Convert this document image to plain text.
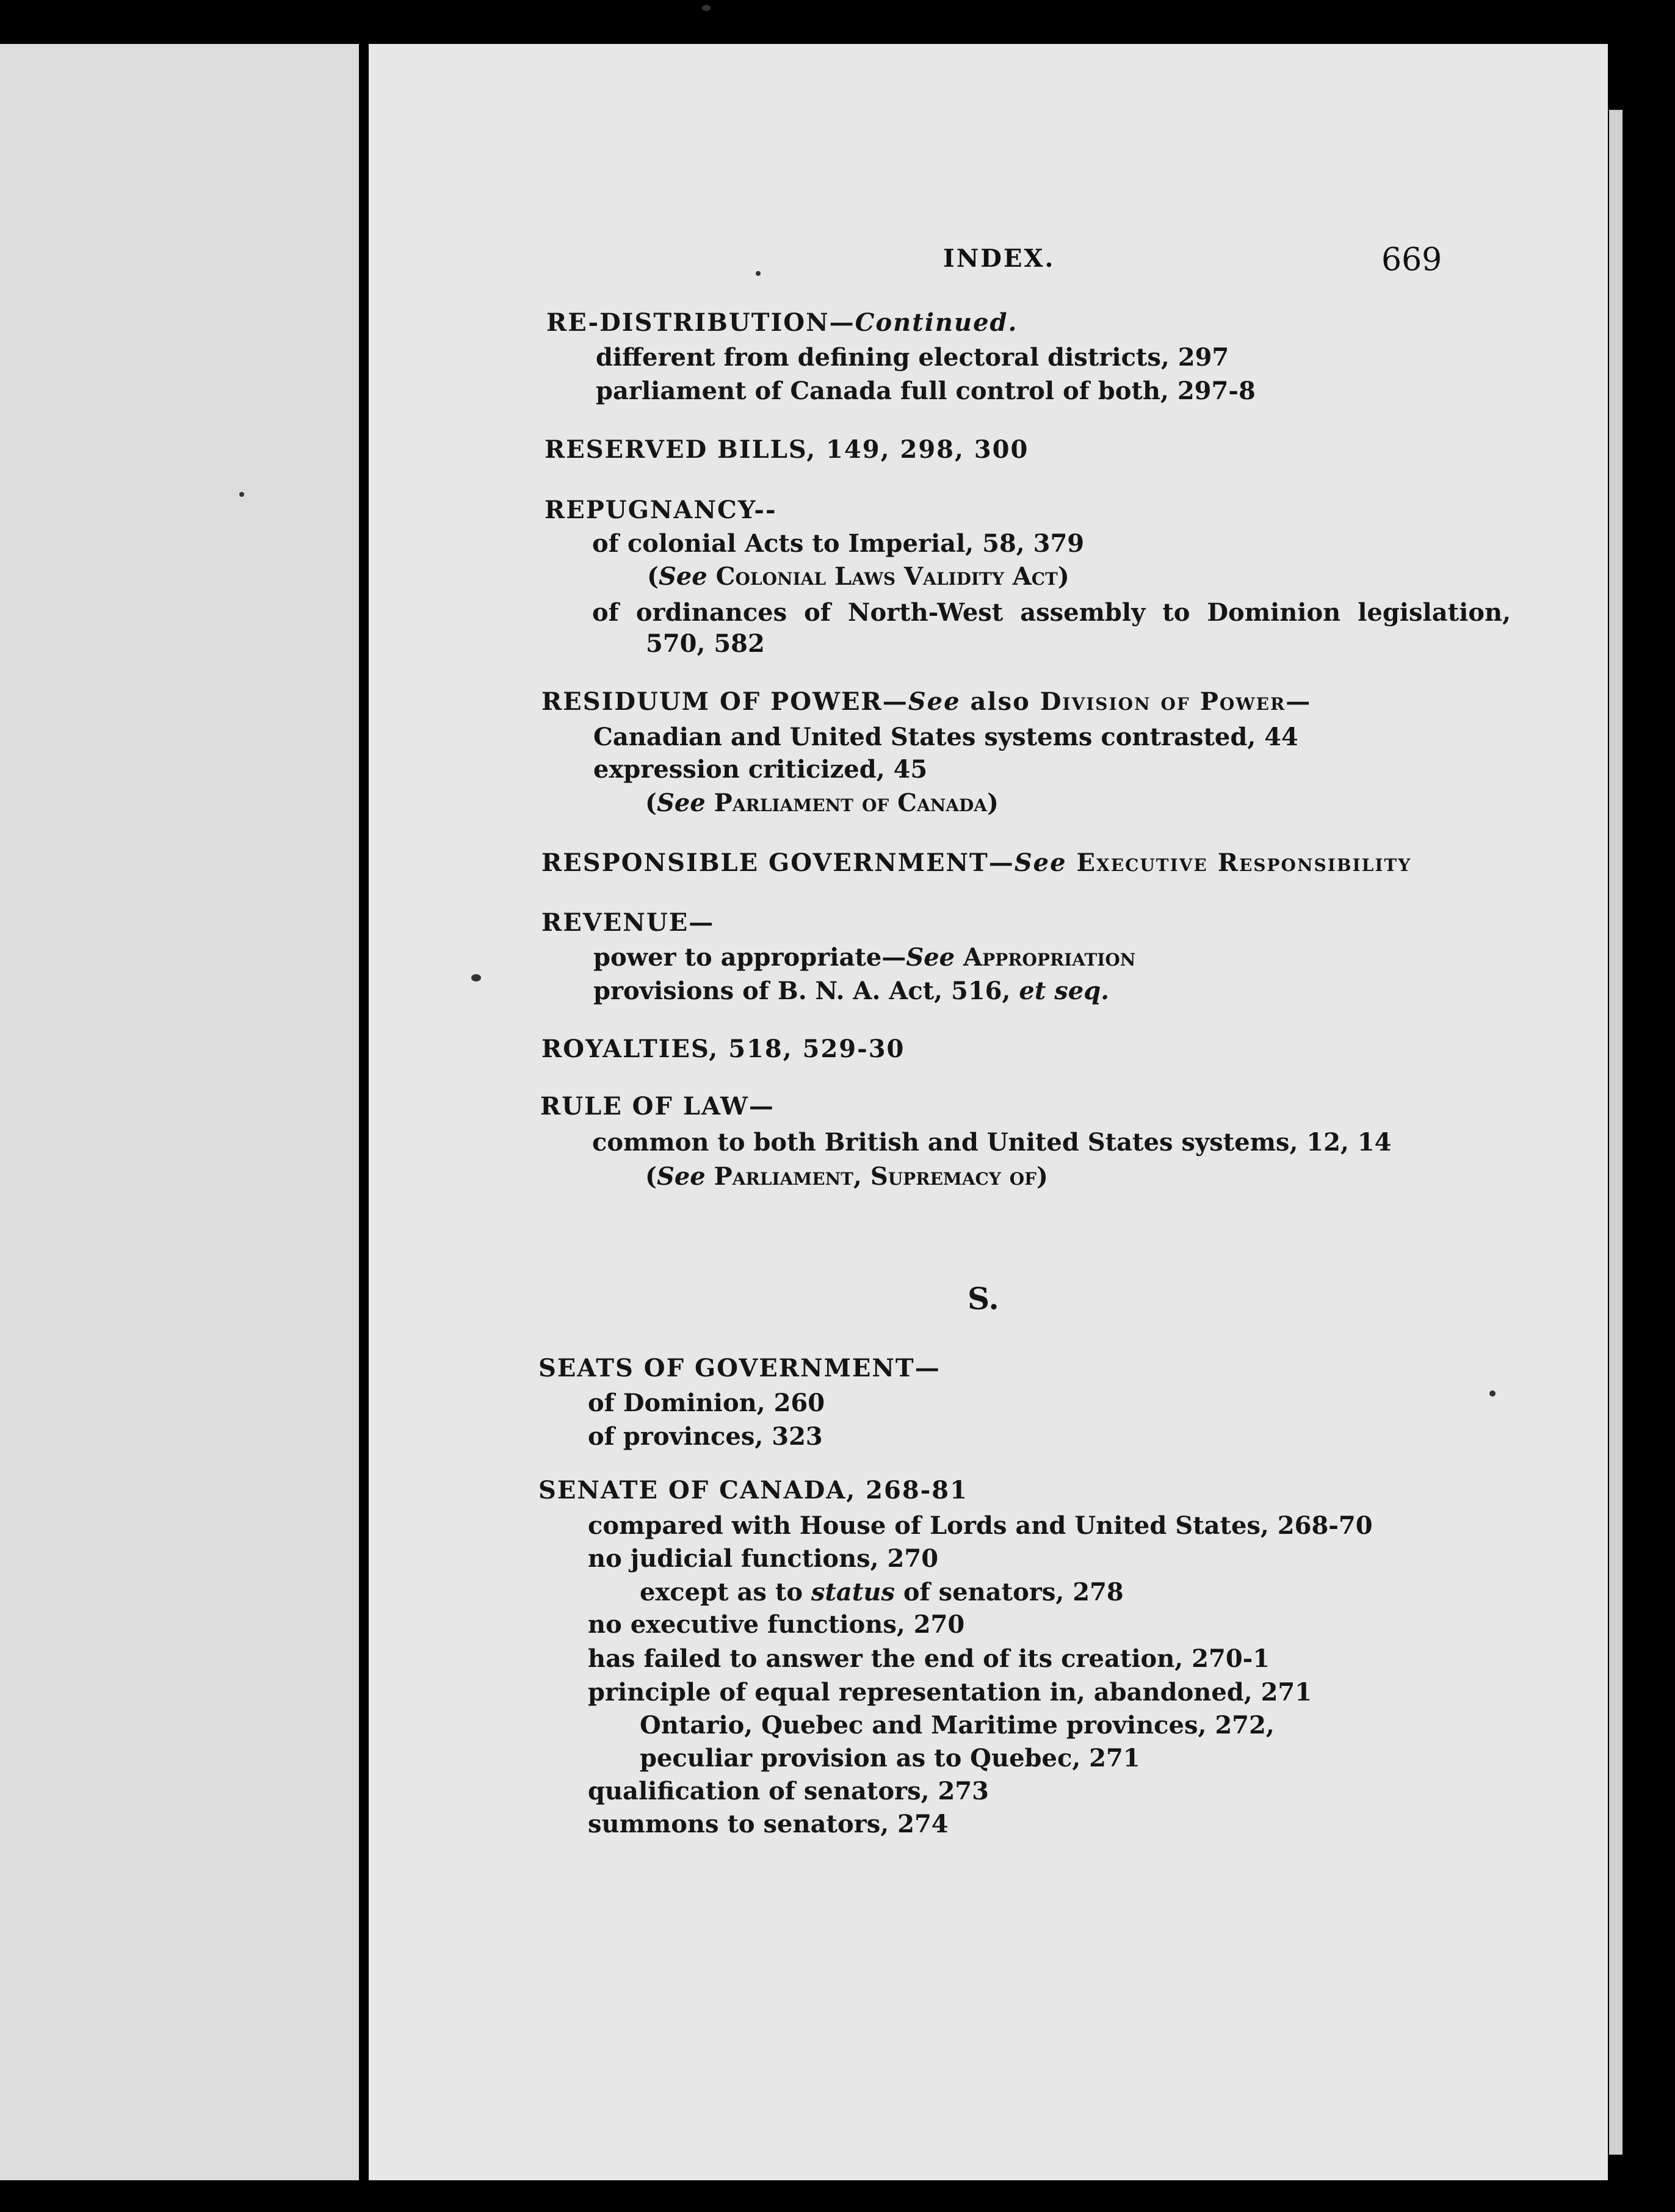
INDEX.	669
RE-DISTRIBUTION—Continued.
different from defining electoral districts, 297
parliament of Canada full control of both, 297-8
RESERVED BILLS, 149, 298, 300
REPUGNANCY--
of colonial Acts to Imperial, 58, 379
(See Colonial Laws Validity Act)
of ordinances of North-West assembly to Dominion legislation,
570, 582
RESIDUUM OF POWER—See also Division of Power—
Canadian and United States systems contrasted, 44
expression criticized, 45
(See Parliament of Canada)
RESPONSIBLE GOVERNMENT—See Executive Responsibility
REVENUE—
power to appropriate—See Appropriation
provisions of B. N. A. Act, 516, et seq.
ROYALTIES, 518, 529-30
RULE OF LAW—
common to both British and United States systems, 12, 14
(See Parliament, Supremacy of)
S.
SEATS OF GOVERNMENT—
of Dominion, 260
of provinces, 323
SENATE OF CANADA, 268-81
compared with House of Lords and United States, 268-70
no judicial functions, 270
except as to status of senators, 278
no executive functions, 270
has failed to answer the end of its creation, 270-1
principle of equal representation in, abandoned, 271
Ontario, Quebec and Maritime provinces, 272,
peculiar provision as to Quebec, 271
qualification of senators, 273
summons to senators, 274
